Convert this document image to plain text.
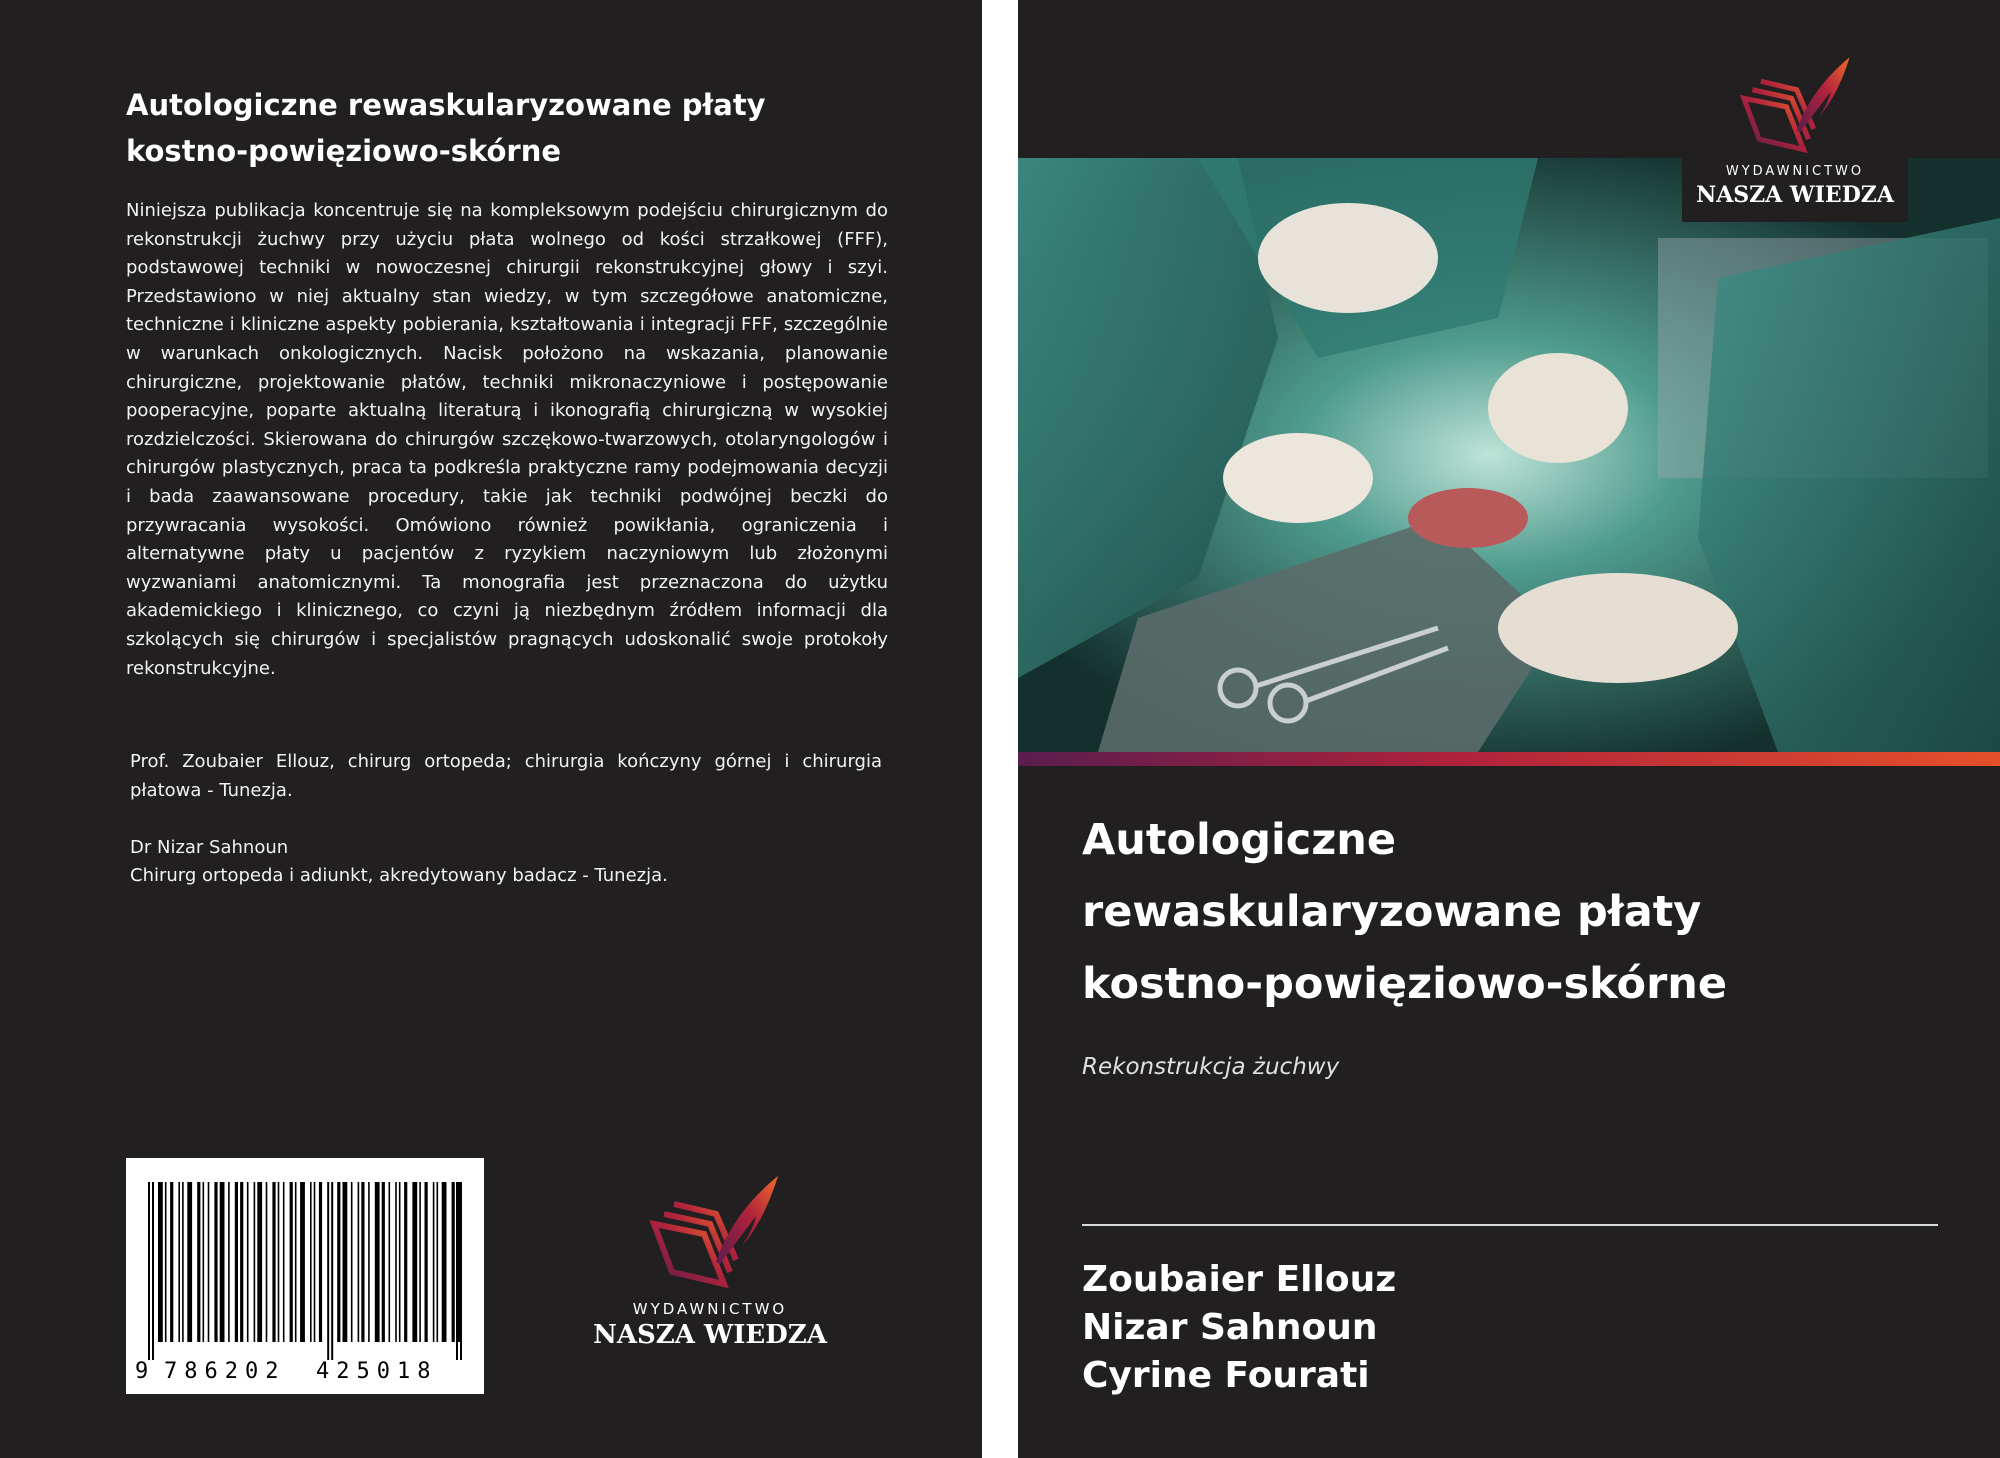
Autologiczne rewaskularyzowane płaty kostno-powięziowo-skórne
Niniejsza publikacja koncentruje się na kompleksowym podejściu chirurgicznym do rekonstrukcji żuchwy przy użyciu płata wolnego od kości strzałkowej (FFF), podstawowej techniki w nowoczesnej chirurgii rekonstrukcyjnej głowy i szyi. Przedstawiono w niej aktualny stan wiedzy, w tym szczegółowe anatomiczne, techniczne i kliniczne aspekty pobierania, kształtowania i integracji FFF, szczególnie w warunkach onkologicznych. Nacisk położono na wskazania, planowanie chirurgiczne, projektowanie płatów, techniki mikronaczyniowe i postępowanie pooperacyjne, poparte aktualną literaturą i ikonografią chirurgiczną w wysokiej rozdzielczości. Skierowana do chirurgów szczękowo-twarzowych, otolaryngologów i chirurgów plastycznych, praca ta podkreśla praktyczne ramy podejmowania decyzji i bada zaawansowane procedury, takie jak techniki podwójnej beczki do przywracania wysokości. Omówiono również powikłania, ograniczenia i alternatywne płaty u pacjentów z ryzykiem naczyniowym lub złożonymi wyzwaniami anatomicznymi. Ta monografia jest przeznaczona do użytku akademickiego i klinicznego, co czyni ją niezbędnym źródłem informacji dla szkolących się chirurgów i specjalistów pragnących udoskonalić swoje protokoły rekonstrukcyjne.

Prof. Zoubaier Ellouz, chirurg ortopeda; chirurgia kończyny górnej i chirurgia płatowa - Tunezja.

Dr Nizar Sahnoun
Chirurg ortopeda i adiunkt, akredytowany badacz - Tunezja.
9 786202 425018
WYDAWNICTWO
NASZA WIEDZA
WYDAWNICTWO
NASZA WIEDZA
Autologiczne
rewaskularyzowane płaty
kostno-powięziowo-skórne
Rekonstrukcja żuchwy
Zoubaier Ellouz
Nizar Sahnoun
Cyrine Fourati
